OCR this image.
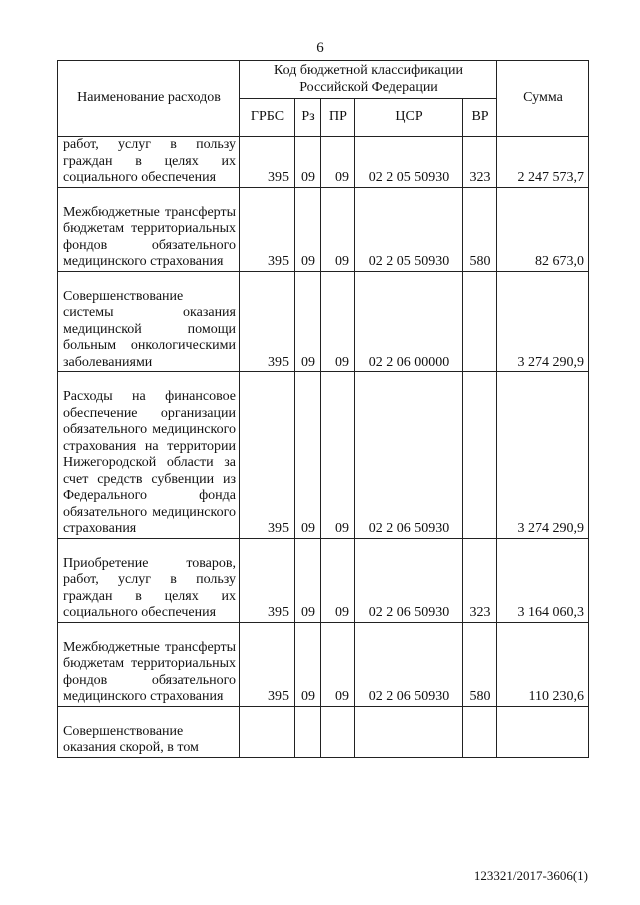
6
Наименование расходов	Код бюджетной классификации Российской Федерации					Сумма
	ГРБС	Рз	ПР	ЦСР	ВР	
работ, услуг в пользу граждан в целях их социального обеспечения	395	09	09	02 2 05 50930	323	2 247 573,7
Межбюджетные трансферты бюджетам территориальных фондов обязательного медицинского страхования	395	09	09	02 2 05 50930	580	82 673,0
Совершенствование системы оказания медицинской помощи больным онкологическими заболеваниями	395	09	09	02 2 06 00000		3 274 290,9
Расходы на финансовое обеспечение организации обязательного медицинского страхования на территории Нижегородской области за счет средств субвенции из Федерального фонда обязательного медицинского страхования	395	09	09	02 2 06 50930		3 274 290,9
Приобретение товаров, работ, услуг в пользу граждан в целях их социального обеспечения	395	09	09	02 2 06 50930	323	3 164 060,3
Межбюджетные трансферты бюджетам территориальных фондов обязательного медицинского страхования	395	09	09	02 2 06 50930	580	110 230,6
Совершенствование оказания скорой, в том						
123321/2017-3606(1)
